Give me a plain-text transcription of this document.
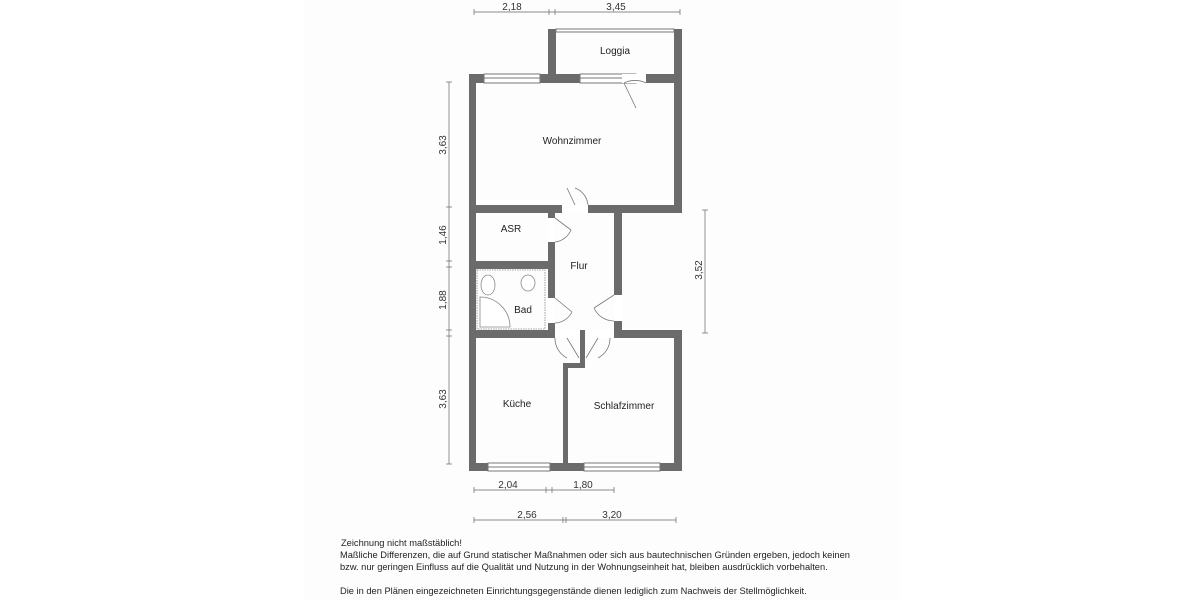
Loggia
Wohnzimmer
ASR
Flur
Bad
Küche	Schlafzimmer
2,18	3,45
3,63
1,46
1,88
3,63
3,52
2,04	1,80
2,56	3,20
Zeichnung nicht maßstäblich!
Maßliche Differenzen, die auf Grund statischer Maßnahmen oder sich aus bautechnischen Gründen ergeben, jedoch keinen
bzw. nur geringen Einfluss auf die Qualität und Nutzung in der Wohnungseinheit hat, bleiben ausdrücklich vorbehalten.
Die in den Plänen eingezeichneten Einrichtungsgegenstände dienen lediglich zum Nachweis der Stellmöglichkeit.
